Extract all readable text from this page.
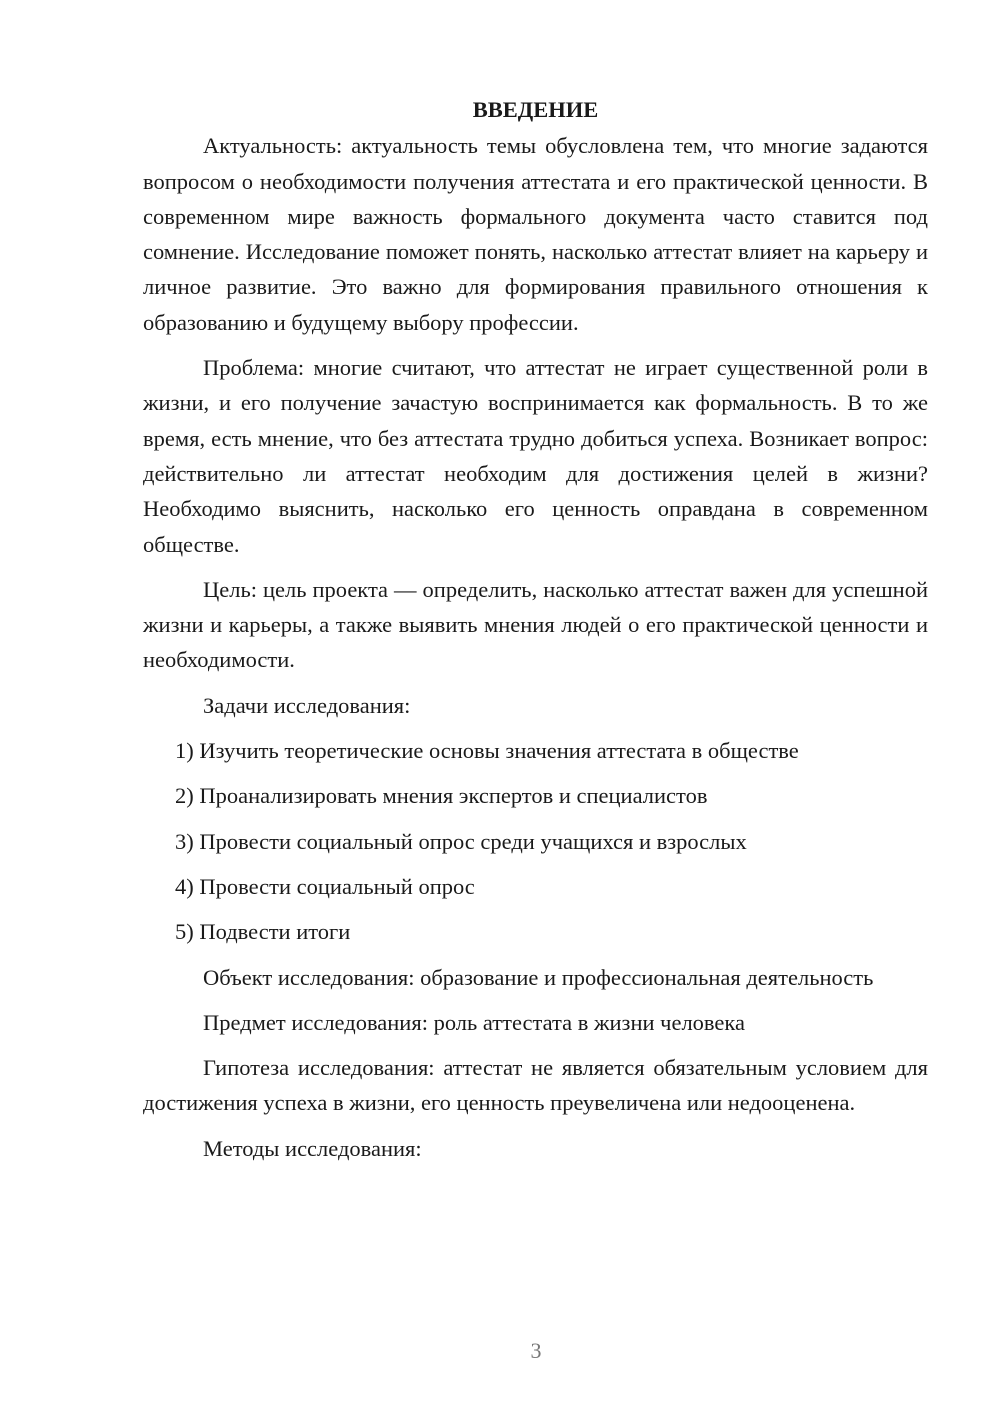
ВВЕДЕНИЕ

Актуальность: актуальность темы обусловлена тем, что многие задаются вопросом о необходимости получения аттестата и его практической ценности. В современном мире важность формального документа часто ставится под сомнение. Исследование поможет понять, насколько аттестат влияет на карьеру и личное развитие. Это важно для формирования правильного отношения к образованию и будущему выбору профессии.

Проблема: многие считают, что аттестат не играет существенной роли в жизни, и его получение зачастую воспринимается как формальность. В то же время, есть мнение, что без аттестата трудно добиться успеха. Возникает вопрос: действительно ли аттестат необходим для достижения целей в жизни? Необходимо выяснить, насколько его ценность оправдана в современном обществе.

Цель: цель проекта — определить, насколько аттестат важен для успешной жизни и карьеры, а также выявить мнения людей о его практической ценности и необходимости.

Задачи исследования:

1) Изучить теоретические основы значения аттестата в обществе
2) Проанализировать мнения экспертов и специалистов
3) Провести социальный опрос среди учащихся и взрослых
4) Провести социальный опрос
5) Подвести итоги

Объект исследования: образование и профессиональная деятельность

Предмет исследования: роль аттестата в жизни человека

Гипотеза исследования: аттестат не является обязательным условием для достижения успеха в жизни, его ценность преувеличена или недооценена.

Методы исследования:

3
